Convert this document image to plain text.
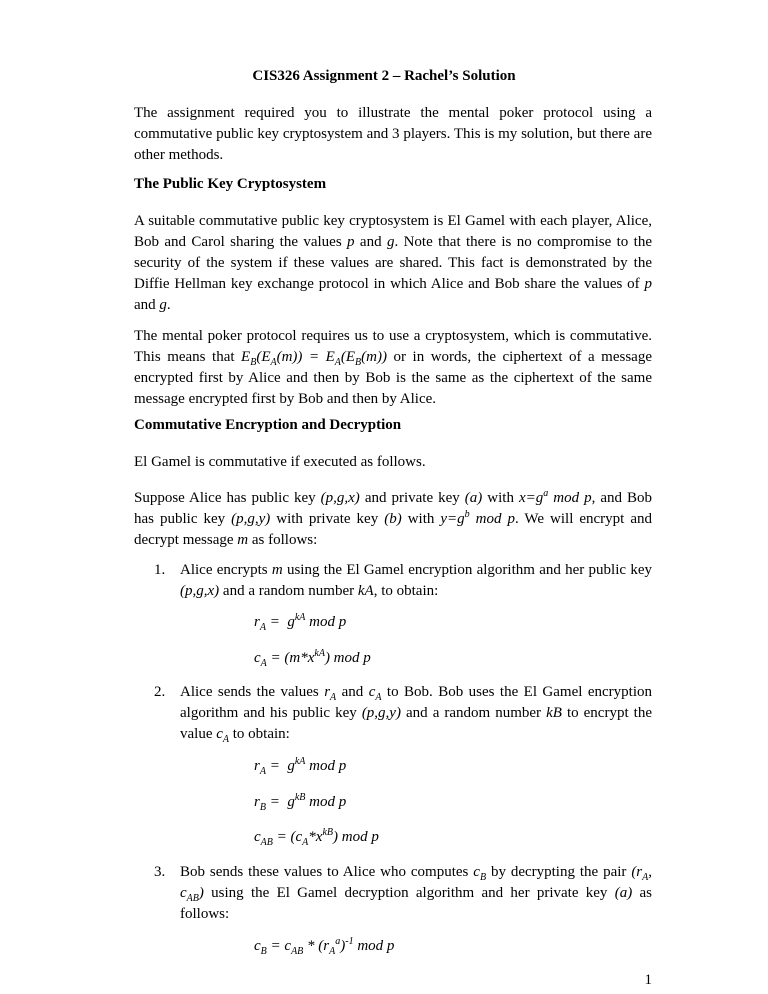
CIS326 Assignment 2 – Rachel’s Solution

The assignment required you to illustrate the mental poker protocol using a commutative public key cryptosystem and 3 players. This is my solution, but there are other methods.

The Public Key Cryptosystem

A suitable commutative public key cryptosystem is El Gamel with each player, Alice, Bob and Carol sharing the values p and g. Note that there is no compromise to the security of the system if these values are shared. This fact is demonstrated by the Diffie Hellman key exchange protocol in which Alice and Bob share the values of p and g.

The mental poker protocol requires us to use a cryptosystem, which is commutative. This means that $E_B(E_A(m)) = E_A(E_B(m))$ or in words, the ciphertext of a message encrypted first by Alice and then by Bob is the same as the ciphertext of the same message encrypted first by Bob and then by Alice.

Commutative Encryption and Decryption

El Gamel is commutative if executed as follows.

Suppose Alice has public key (p,g,x) and private key (a) with $x=g^a$ mod p, and Bob has public key (p,g,y) with private key (b) with $y=g^b$ mod p. We will encrypt and decrypt message m as follows:

1. Alice encrypts m using the El Gamel encryption algorithm and her public key (p,g,x) and a random number kA, to obtain:
$r_A = g^{kA}$ mod p
$c_A = (m*x^{kA})$ mod p
2. Alice sends the values $r_A$ and $c_A$ to Bob. Bob uses the El Gamel encryption algorithm and his public key (p,g,y) and a random number kB to encrypt the value $c_A$ to obtain:
$r_A = g^{kA}$ mod p
$r_B = g^{kB}$ mod p
$c_{AB} = (c_A*x^{kB})$ mod p
3. Bob sends these values to Alice who computes $c_B$ by decrypting the pair ($r_A$, $c_{AB}$) using the El Gamel decryption algorithm and her private key (a) as follows:
$c_B = c_{AB} * (r_A^a)^{-1}$ mod p
1
